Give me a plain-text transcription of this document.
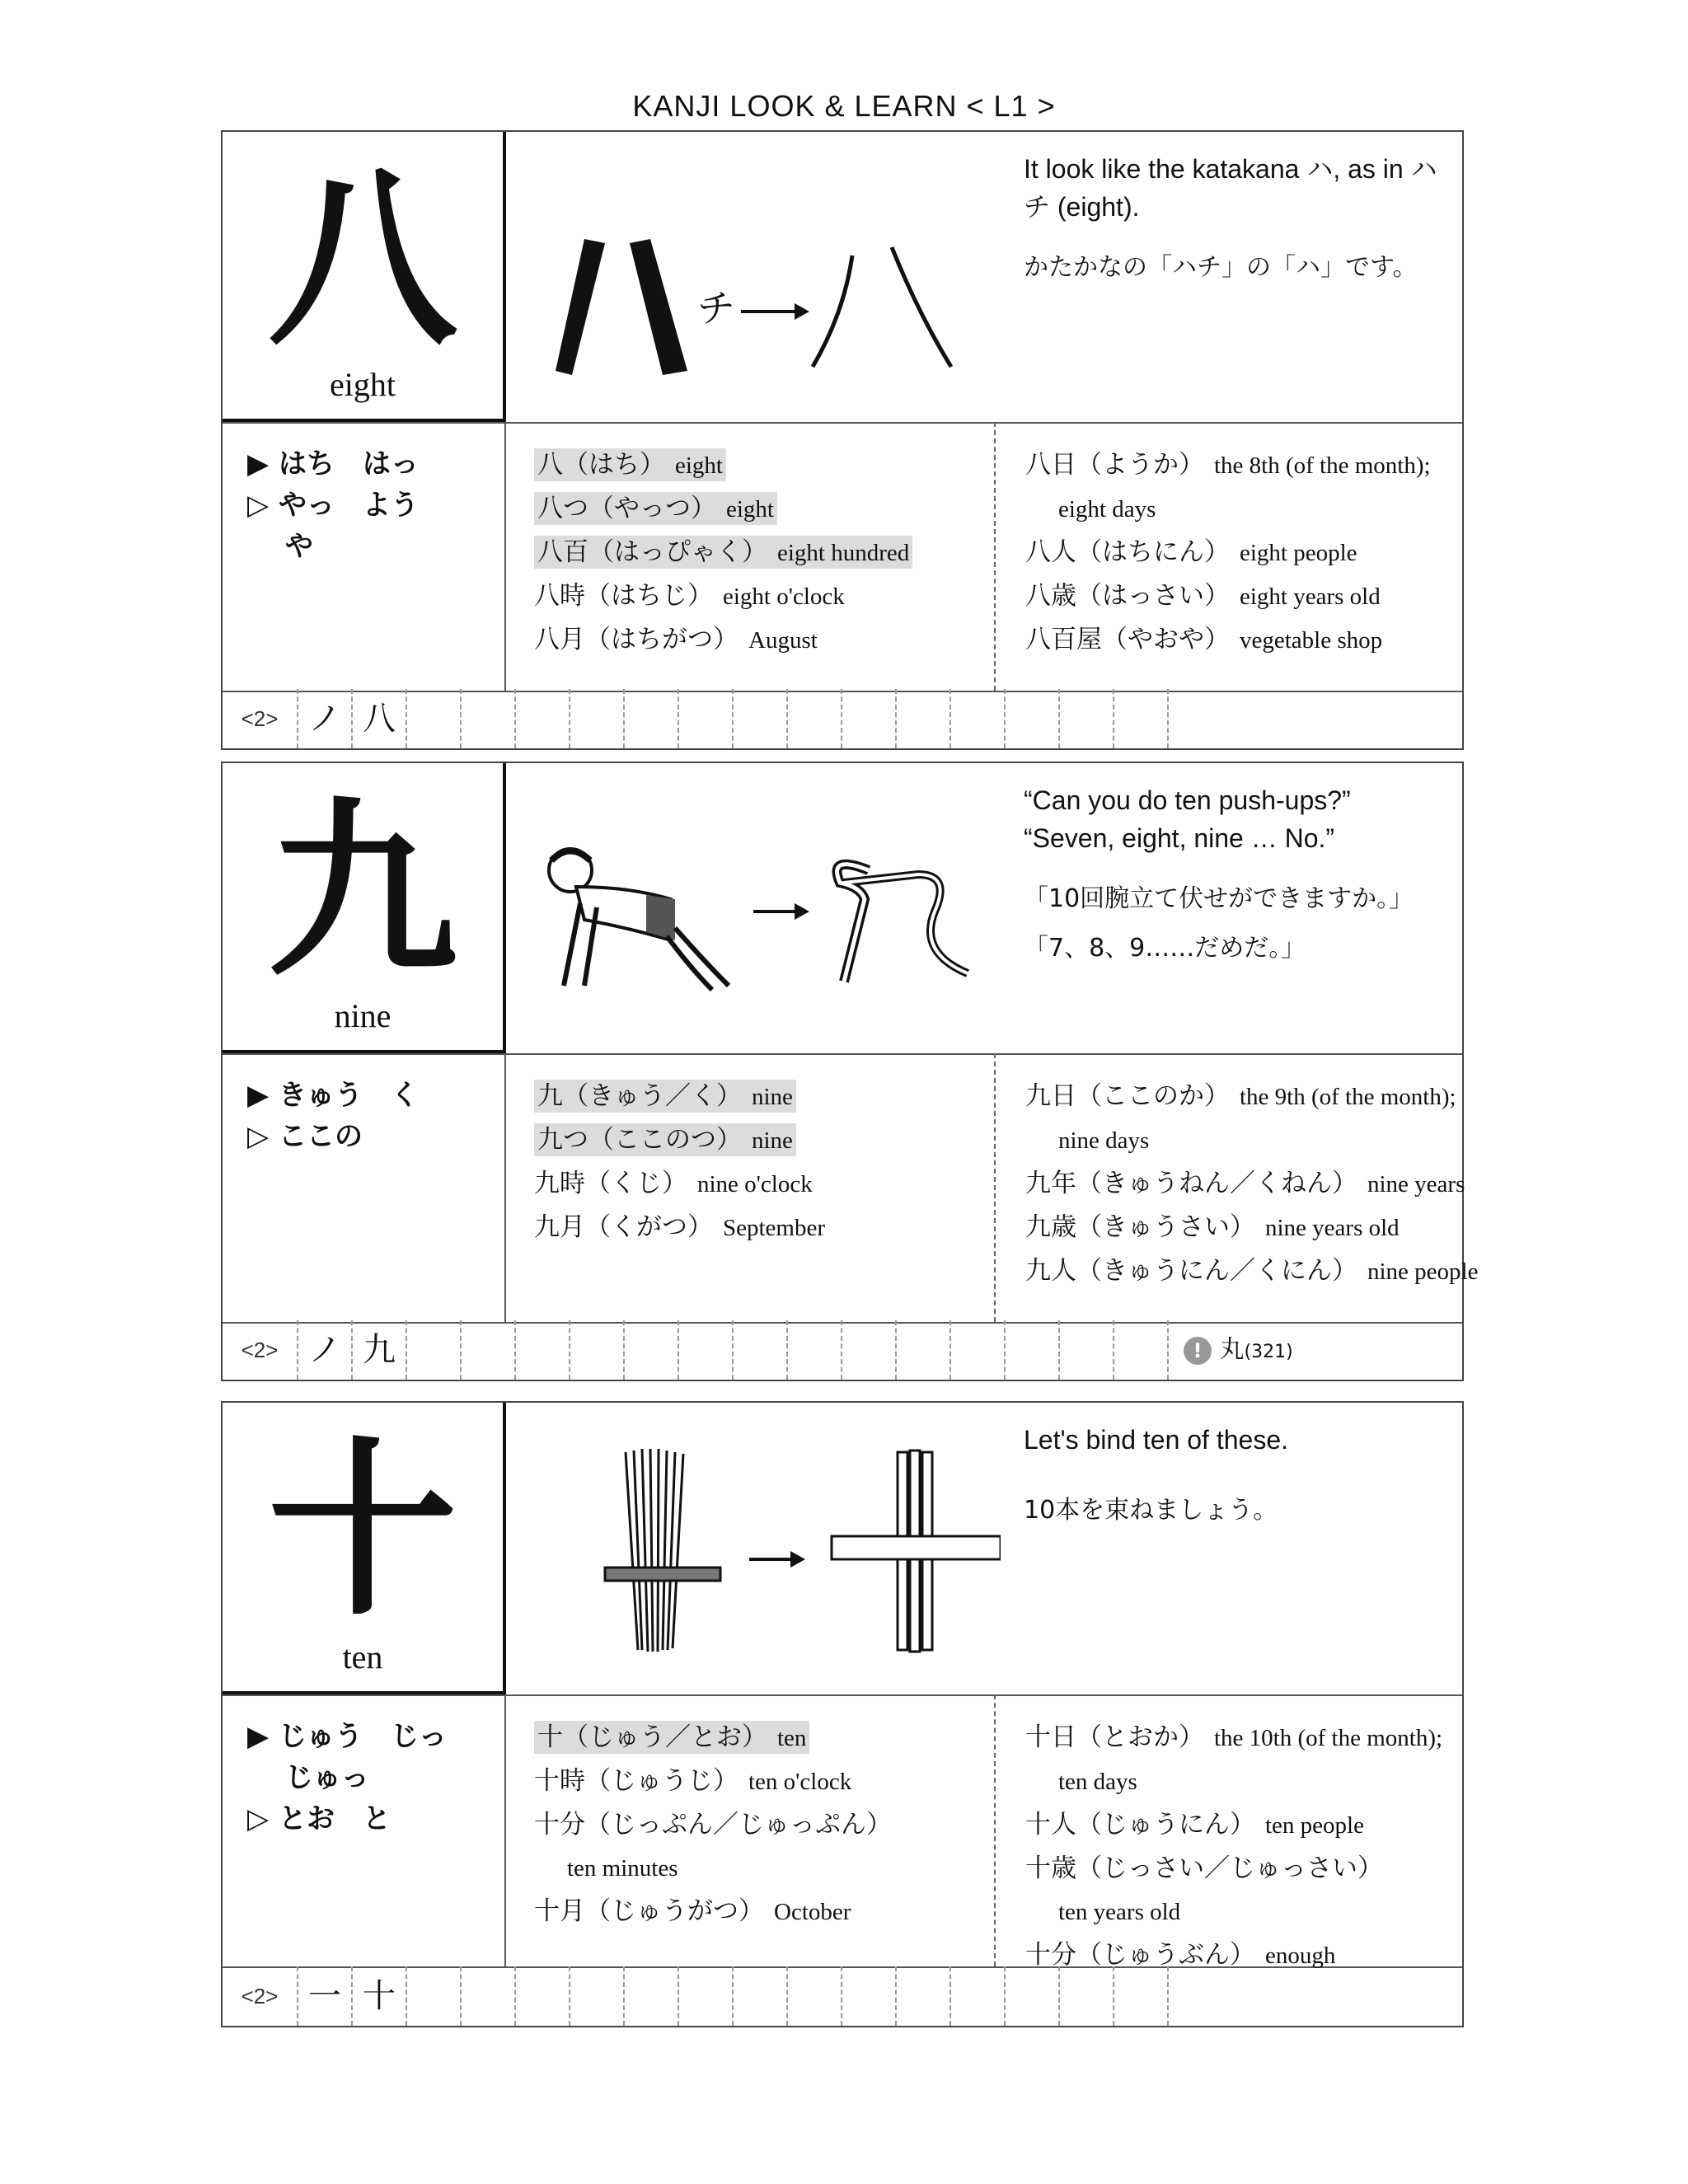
KANJI LOOK & LEARN < L1 >
八
eight
チ
It look like the katakana ハ, as in ハチ (eight).
かたかなの「ハチ」の「ハ」です。
▶ はち　はっ
▷ やっ　よう
　 や
八（はち） eight
八つ（やっつ） eight
八百（はっぴゃく） eight hundred
八時（はちじ） eight o'clock
八月（はちがつ） August
八日（ようか） the 8th (of the month);
eight days
八人（はちにん） eight people
八歳（はっさい） eight years old
八百屋（やおや） vegetable shop
<2> ノ 八
九
nine
“Can you do ten push-ups?” “Seven, eight, nine … No.”
「10回腕立て伏せができますか。」
「7、8、9……だめだ。」
▶ きゅう　く
▷ ここの
九（きゅう／く） nine
九つ（ここのつ） nine
九時（くじ） nine o'clock
九月（くがつ） September
九日（ここのか） the 9th (of the month);
nine days
九年（きゅうねん／くねん） nine years
九歳（きゅうさい） nine years old
九人（きゅうにん／くにん） nine people
<2> ノ 九	! 丸(321)
十
ten
Let's bind ten of these.
10本を束ねましょう。
▶ じゅう　じっ
　 じゅっ
▷ とお　と
十（じゅう／とお） ten
十時（じゅうじ） ten o'clock
十分（じっぷん／じゅっぷん）
ten minutes
十月（じゅうがつ） October
十日（とおか） the 10th (of the month);
ten days
十人（じゅうにん） ten people
十歳（じっさい／じゅっさい）
ten years old
十分（じゅうぶん） enough
<2> 一 十
